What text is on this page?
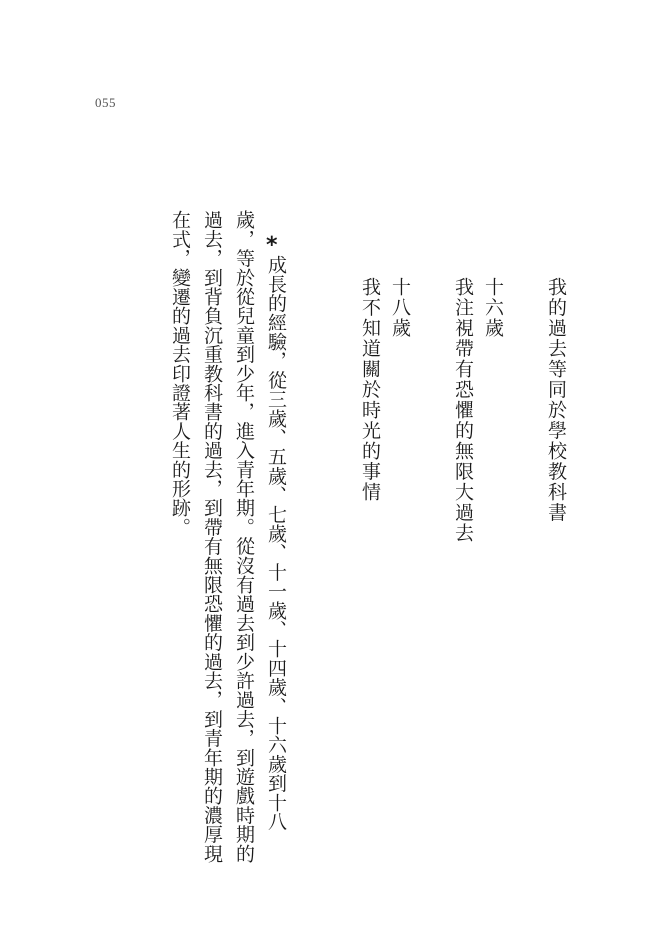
055
我的過去等同於學校教科書
十六歲
我注視帶有恐懼的無限大過去
十八歲
我不知道關於時光的事情
*
成長的經驗，從三歲、五歲、七歲、十一歲、十四歲、十六歲到十八
歲，等於從兒童到少年，進入青年期。從沒有過去到少許過去，到遊戲時期的
過去，到背負沉重教科書的過去，到帶有無限恐懼的過去，到青年期的濃厚現
在式，變遷的過去印證著人生的形跡。
